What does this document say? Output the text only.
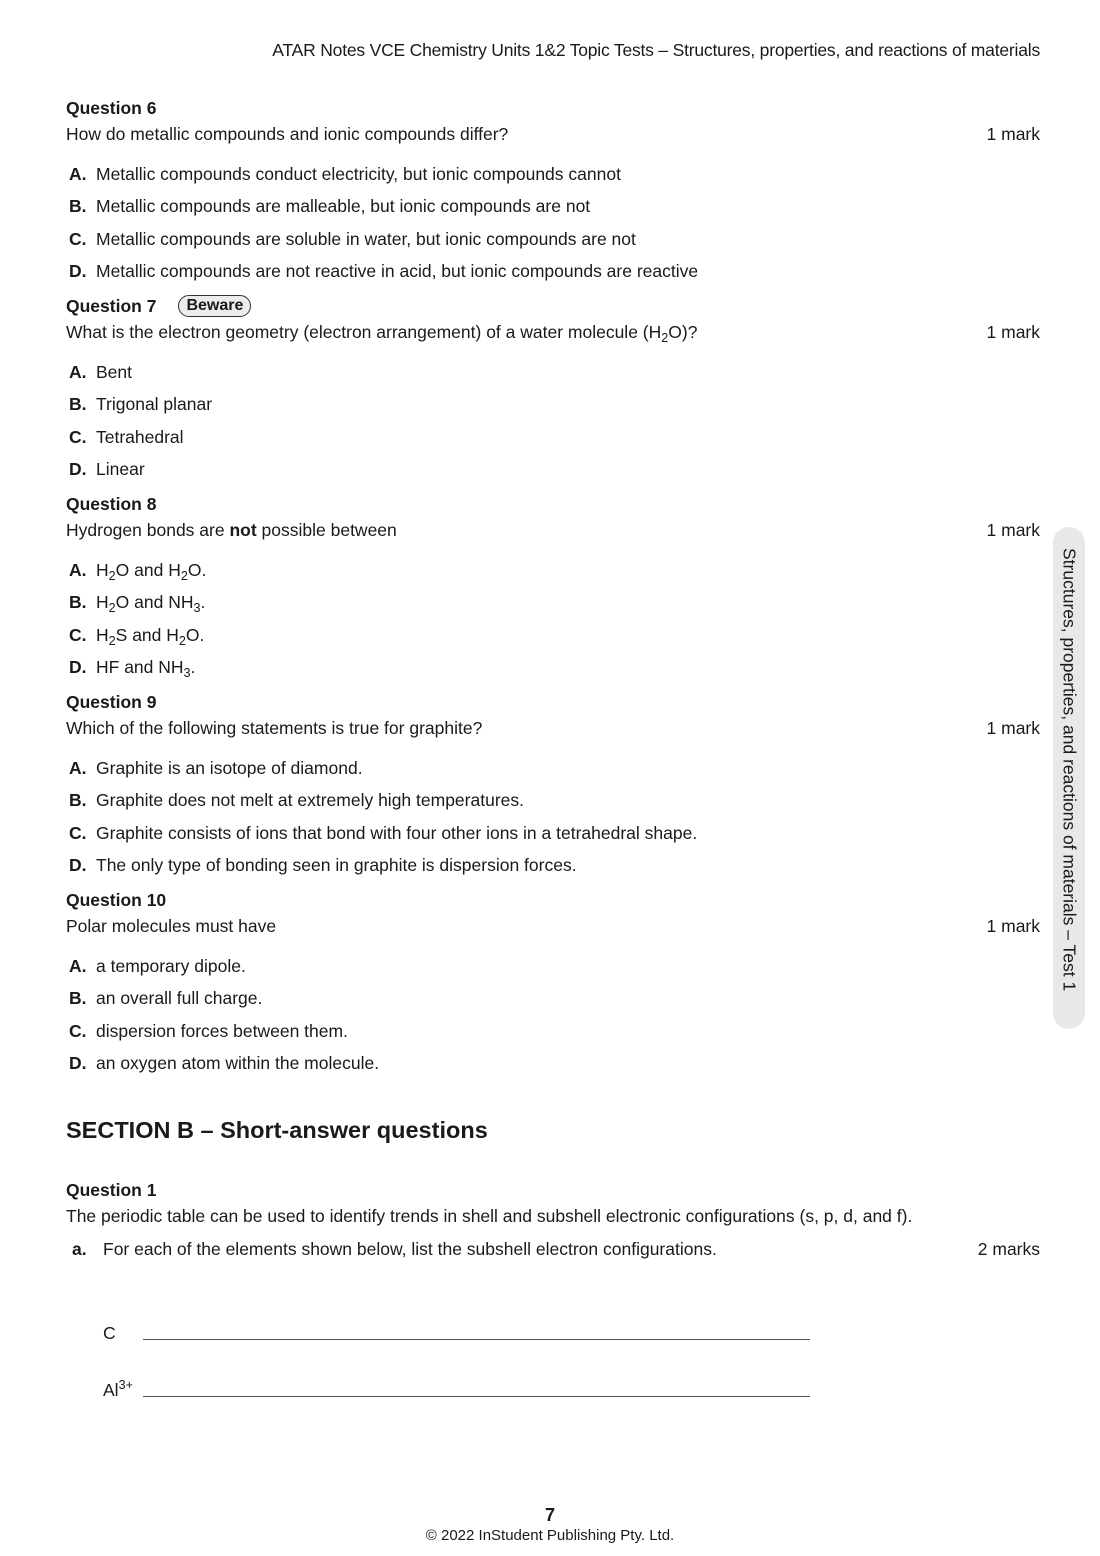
ATAR Notes VCE Chemistry Units 1&2 Topic Tests – Structures, properties, and reactions of materials
Structures, properties, and reactions of materials – Test 1
Question 6
How do metallic compounds and ionic compounds differ?	1 mark
A. Metallic compounds conduct electricity, but ionic compounds cannot
B. Metallic compounds are malleable, but ionic compounds are not
C. Metallic compounds are soluble in water, but ionic compounds are not
D. Metallic compounds are not reactive in acid, but ionic compounds are reactive
Question 7	Beware
What is the electron geometry (electron arrangement) of a water molecule $(H_2O)$?	1 mark
A. Bent
B. Trigonal planar
C. Tetrahedral
D. Linear
Question 8
Hydrogen bonds are not possible between	1 mark
A. $H_2O$ and $H_2O$.
B. $H_2O$ and $NH_3$.
C. $H_2S$ and $H_2O$.
D. HF and $NH_3$.
Question 9
Which of the following statements is true for graphite?	1 mark
A. Graphite is an isotope of diamond.
B. Graphite does not melt at extremely high temperatures.
C. Graphite consists of ions that bond with four other ions in a tetrahedral shape.
D. The only type of bonding seen in graphite is dispersion forces.
Question 10
Polar molecules must have	1 mark
A. a temporary dipole.
B. an overall full charge.
C. dispersion forces between them.
D. an oxygen atom within the molecule.
SECTION B – Short-answer questions
Question 1
The periodic table can be used to identify trends in shell and subshell electronic configurations (s, p, d, and f).
a. For each of the elements shown below, list the subshell electron configurations.	2 marks
C
$Al^{3+}$
7
© 2022 InStudent Publishing Pty. Ltd.
